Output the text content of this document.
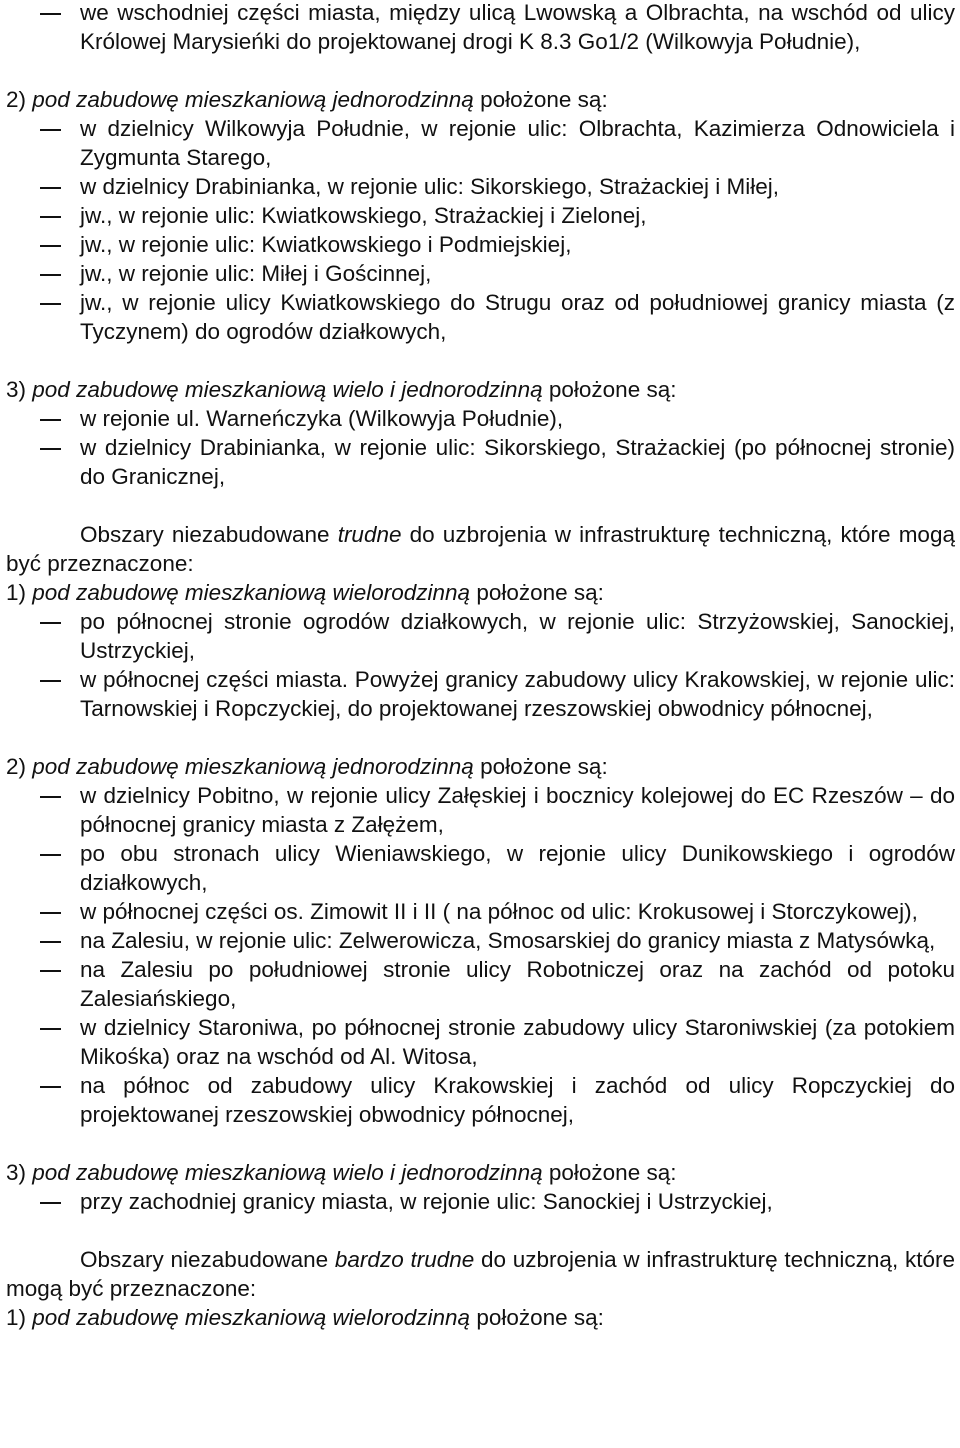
we wschodniej części miasta, między ulicą Lwowską a Olbrachta, na wschód od ulicy Królowej Marysieńki do projektowanej drogi K 8.3 Go1/2 (Wilkowyja Południe),
2) pod zabudowę mieszkaniową jednorodzinną położone są:
w dzielnicy Wilkowyja Południe, w rejonie ulic: Olbrachta, Kazimierza Odnowiciela i Zygmunta Starego,
w dzielnicy Drabinianka, w rejonie ulic: Sikorskiego, Strażackiej i Miłej,
jw., w rejonie ulic: Kwiatkowskiego, Strażackiej i Zielonej,
jw., w rejonie ulic: Kwiatkowskiego i Podmiejskiej,
jw., w rejonie ulic: Miłej i Gościnnej,
jw., w rejonie ulicy Kwiatkowskiego do Strugu oraz od południowej granicy miasta (z Tyczynem) do ogrodów działkowych,
3) pod zabudowę mieszkaniową wielo i jednorodzinną położone są:
w rejonie ul. Warneńczyka (Wilkowyja Południe),
w dzielnicy Drabinianka, w rejonie ulic: Sikorskiego, Strażackiej (po północnej stronie) do Granicznej,
Obszary niezabudowane trudne do uzbrojenia w infrastrukturę techniczną, które mogą być przeznaczone:
1) pod zabudowę mieszkaniową wielorodzinną położone są:
po północnej stronie ogrodów działkowych, w rejonie ulic: Strzyżowskiej, Sanockiej, Ustrzyckiej,
w północnej części miasta. Powyżej granicy zabudowy ulicy Krakowskiej, w rejonie ulic: Tarnowskiej i Ropczyckiej, do projektowanej rzeszowskiej obwodnicy północnej,
2) pod zabudowę mieszkaniową jednorodzinną położone są:
w dzielnicy Pobitno, w rejonie ulicy Załęskiej i bocznicy kolejowej do EC Rzeszów – do północnej granicy miasta z Załężem,
po obu stronach ulicy Wieniawskiego, w rejonie ulicy Dunikowskiego i ogrodów działkowych,
w północnej części os. Zimowit II i II ( na północ od ulic: Krokusowej i Storczykowej),
na Zalesiu, w rejonie ulic: Zelwerowicza, Smosarskiej do granicy miasta z Matysówką,
na Zalesiu po południowej stronie ulicy Robotniczej oraz na zachód od potoku Zalesiańskiego,
w dzielnicy Staroniwa, po północnej stronie zabudowy ulicy Staroniwskiej (za potokiem Mikośka) oraz na wschód od Al. Witosa,
na północ od zabudowy ulicy Krakowskiej i zachód od ulicy Ropczyckiej do projektowanej rzeszowskiej obwodnicy północnej,
3) pod zabudowę mieszkaniową wielo i jednorodzinną położone są:
przy zachodniej granicy miasta, w rejonie ulic: Sanockiej i Ustrzyckiej,
Obszary niezabudowane bardzo trudne do uzbrojenia w infrastrukturę techniczną, które mogą być przeznaczone:
1) pod zabudowę mieszkaniową wielorodzinną położone są:
